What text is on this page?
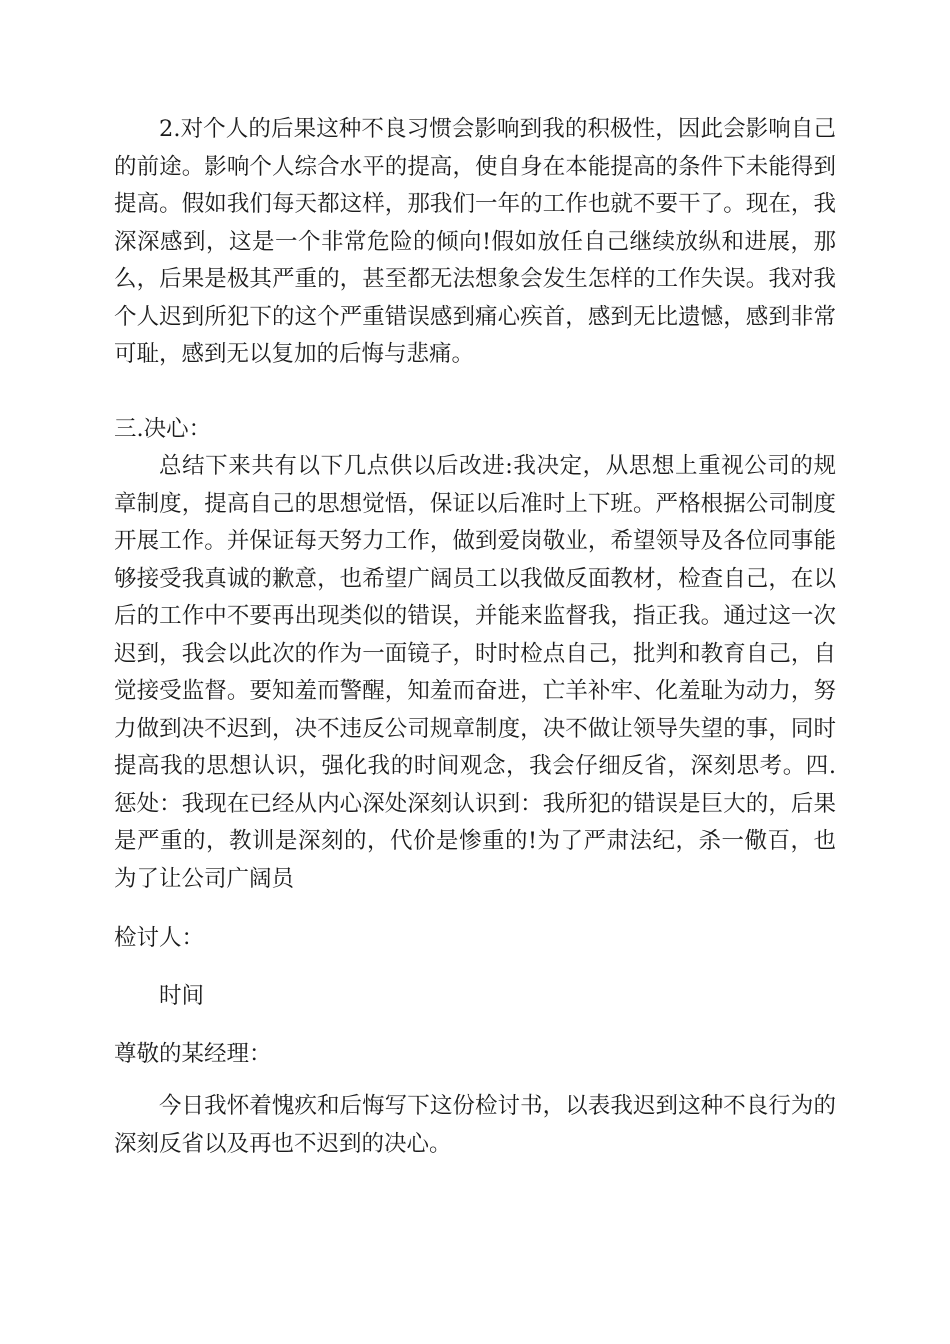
2.对个人的后果这种不良习惯会影响到我的积极性，因此会影响自己的前途。影响个人综合水平的提高，使自身在本能提高的条件下未能得到提高。假如我们每天都这样，那我们一年的工作也就不要干了。现在，我深深感到，这是一个非常危险的倾向!假如放任自己继续放纵和进展，那么，后果是极其严重的，甚至都无法想象会发生怎样的工作失误。我对我个人迟到所犯下的这个严重错误感到痛心疾首，感到无比遗憾，感到非常可耻，感到无以复加的后悔与悲痛。

三.决心：

总结下来共有以下几点供以后改进:我决定，从思想上重视公司的规章制度，提高自己的思想觉悟，保证以后准时上下班。严格根据公司制度开展工作。并保证每天努力工作，做到爱岗敬业，希望领导及各位同事能够接受我真诚的歉意，也希望广阔员工以我做反面教材，检查自己，在以后的工作中不要再出现类似的错误，并能来监督我，指正我。通过这一次迟到，我会以此次的作为一面镜子，时时检点自己，批判和教育自己，自觉接受监督。要知羞而警醒，知羞而奋进，亡羊补牢、化羞耻为动力，努力做到决不迟到，决不违反公司规章制度，决不做让领导失望的事，同时提高我的思想认识，强化我的时间观念，我会仔细反省，深刻思考。四.惩处：我现在已经从内心深处深刻认识到：我所犯的错误是巨大的，后果是严重的，教训是深刻的，代价是惨重的!为了严肃法纪，杀一儆百，也为了让公司广阔员

检讨人：

时间

尊敬的某经理：

今日我怀着愧疚和后悔写下这份检讨书，以表我迟到这种不良行为的深刻反省以及再也不迟到的决心。
